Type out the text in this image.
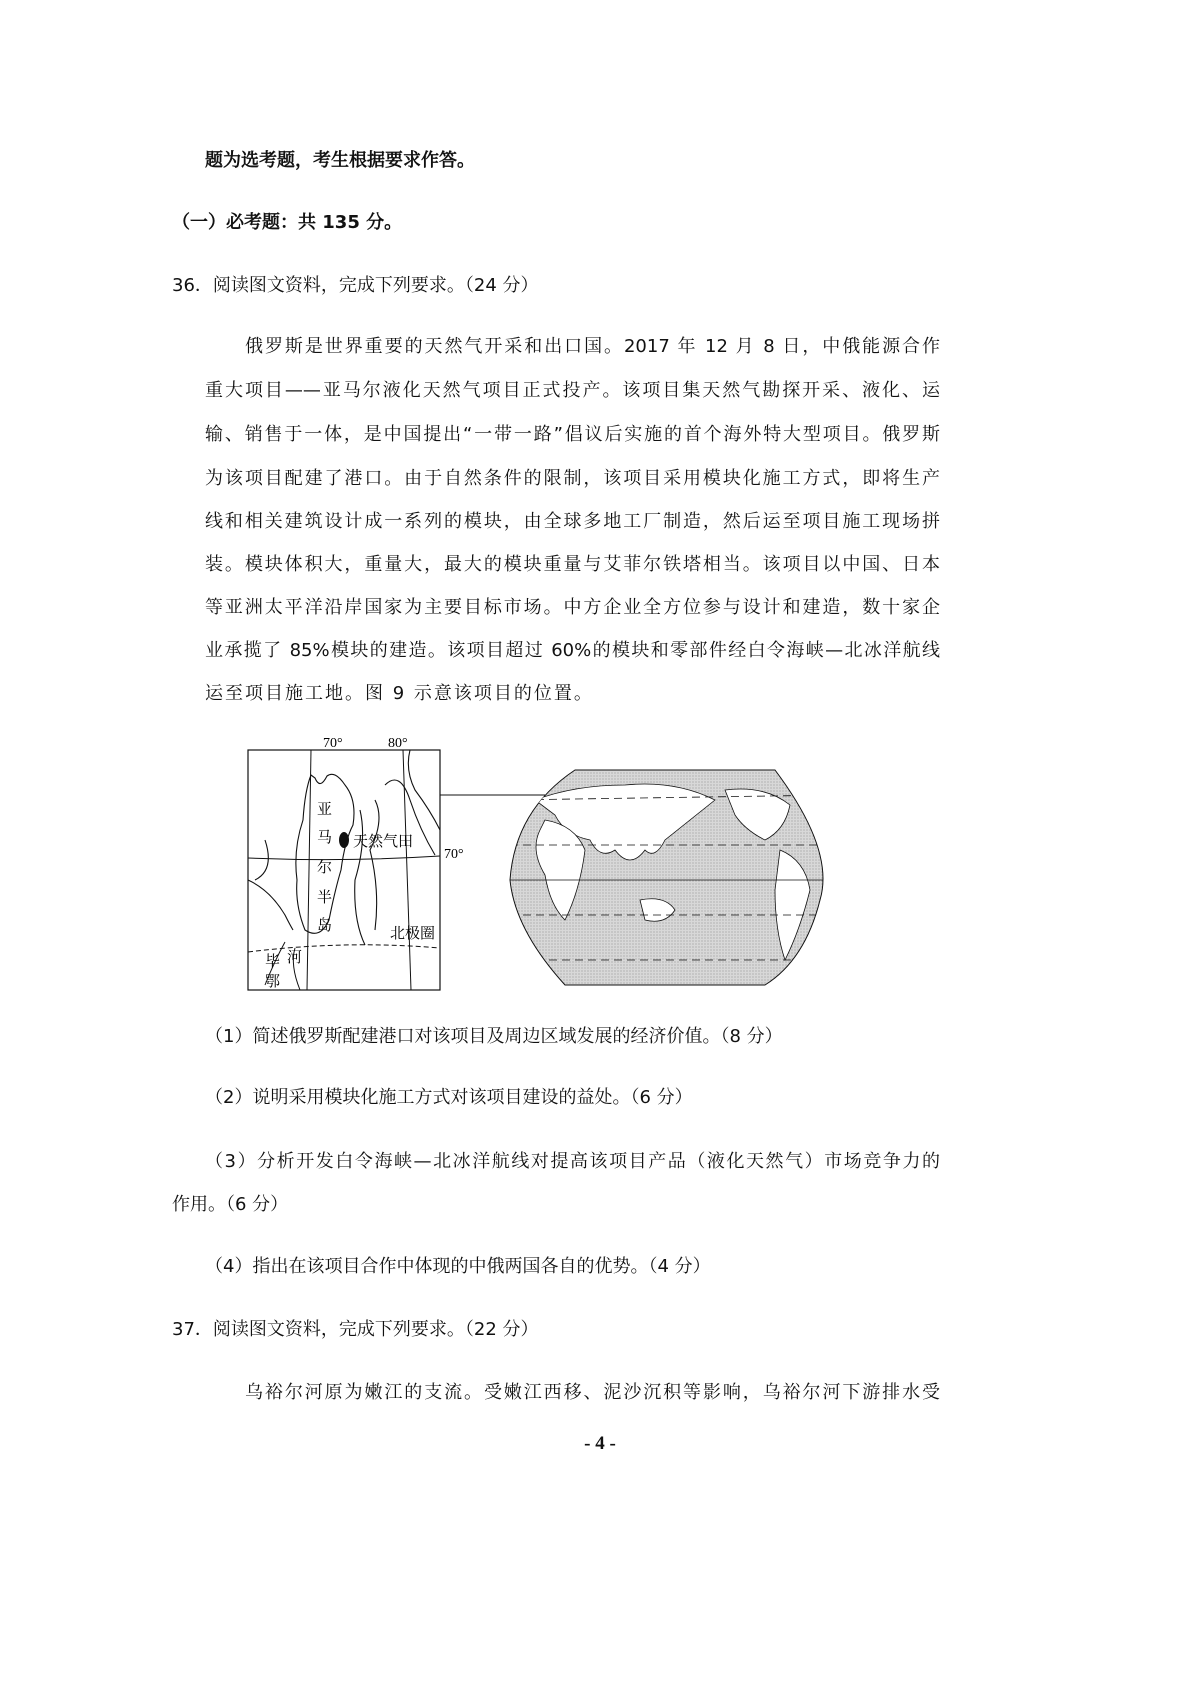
题为选考题，考生根据要求作答。
（一）必考题：共 135 分。
36．阅读图文资料，完成下列要求。（24 分）
俄罗斯是世界重要的天然气开采和出口国。2017 年 12 月 8 日，中俄能源合作
重大项目——亚马尔液化天然气项目正式投产。该项目集天然气勘探开采、液化、运
输、销售于一体，是中国提出“一带一路”倡议后实施的首个海外特大型项目。俄罗斯
为该项目配建了港口。由于自然条件的限制，该项目采用模块化施工方式，即将生产
线和相关建筑设计成一系列的模块，由全球多地工厂制造，然后运至项目施工现场拼
装。模块体积大，重量大，最大的模块重量与艾菲尔铁塔相当。该项目以中国、日本
等亚洲太平洋沿岸国家为主要目标市场。中方企业全方位参与设计和建造，数十家企
业承揽了 85%模块的建造。该项目超过 60%的模块和零部件经白令海峡—北冰洋航线
运至项目施工地。图 9 示意该项目的位置。
70°	80°
70°
亚
马
尔
半
岛
天然气田
北极圈
河
毕
鄂
（1）简述俄罗斯配建港口对该项目及周边区域发展的经济价值。（8 分）
（2）说明采用模块化施工方式对该项目建设的益处。（6 分）
（3）分析开发白令海峡—北冰洋航线对提高该项目产品（液化天然气）市场竞争力的
作用。（6 分）
（4）指出在该项目合作中体现的中俄两国各自的优势。（4 分）
37．阅读图文资料，完成下列要求。（22 分）
乌裕尔河原为嫩江的支流。受嫩江西移、泥沙沉积等影响，乌裕尔河下游排水受
- 4 -
